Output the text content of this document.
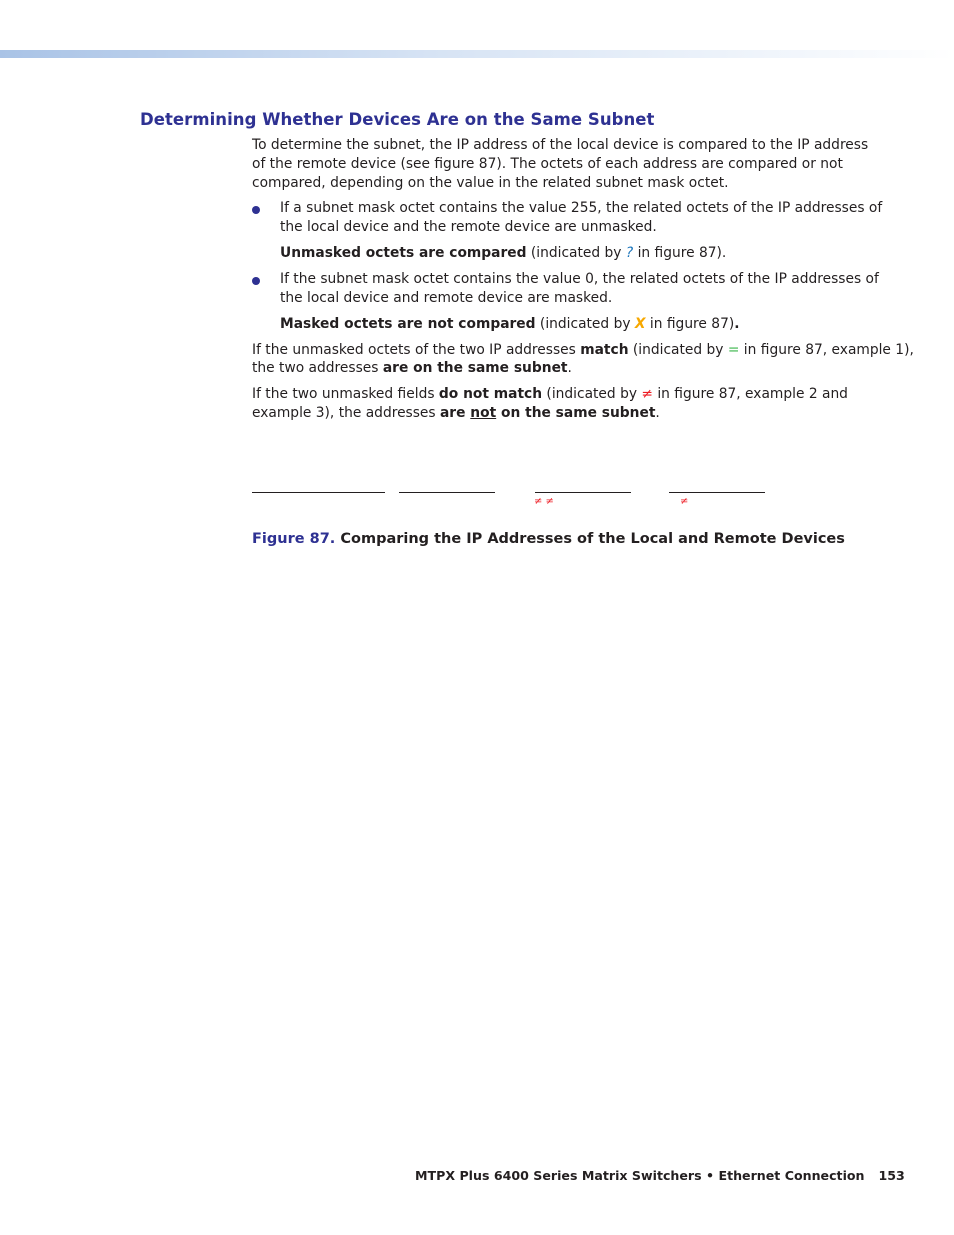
Determining Whether Devices Are on the Same Subnet

To determine the subnet, the IP address of the local device is compared to the IP address

of the remote device (see figure 87). The octets of each address are compared or not

compared, depending on the value in the related subnet mask octet.

If a subnet mask octet contains the value 255, the related octets of the IP addresses of

the local device and the remote device are unmasked.

Unmasked octets are compared (indicated by ? in figure 87).

If the subnet mask octet contains the value 0, the related octets of the IP addresses of

the local device and remote device are masked.

Masked octets are not compared (indicated by X in figure 87).

If the unmasked octets of the two IP addresses match (indicated by = in figure 87, example 1),

the two addresses are on the same subnet.

If the two unmasked fields do not match (indicated by ≠ in figure 87, example 2 and

example 3), the addresses are not on the same subnet.

≠ ≠	≠

Figure 87. Comparing the IP Addresses of the Local and Remote Devices

MTPX Plus 6400 Series Matrix Switchers • Ethernet Connection 153
